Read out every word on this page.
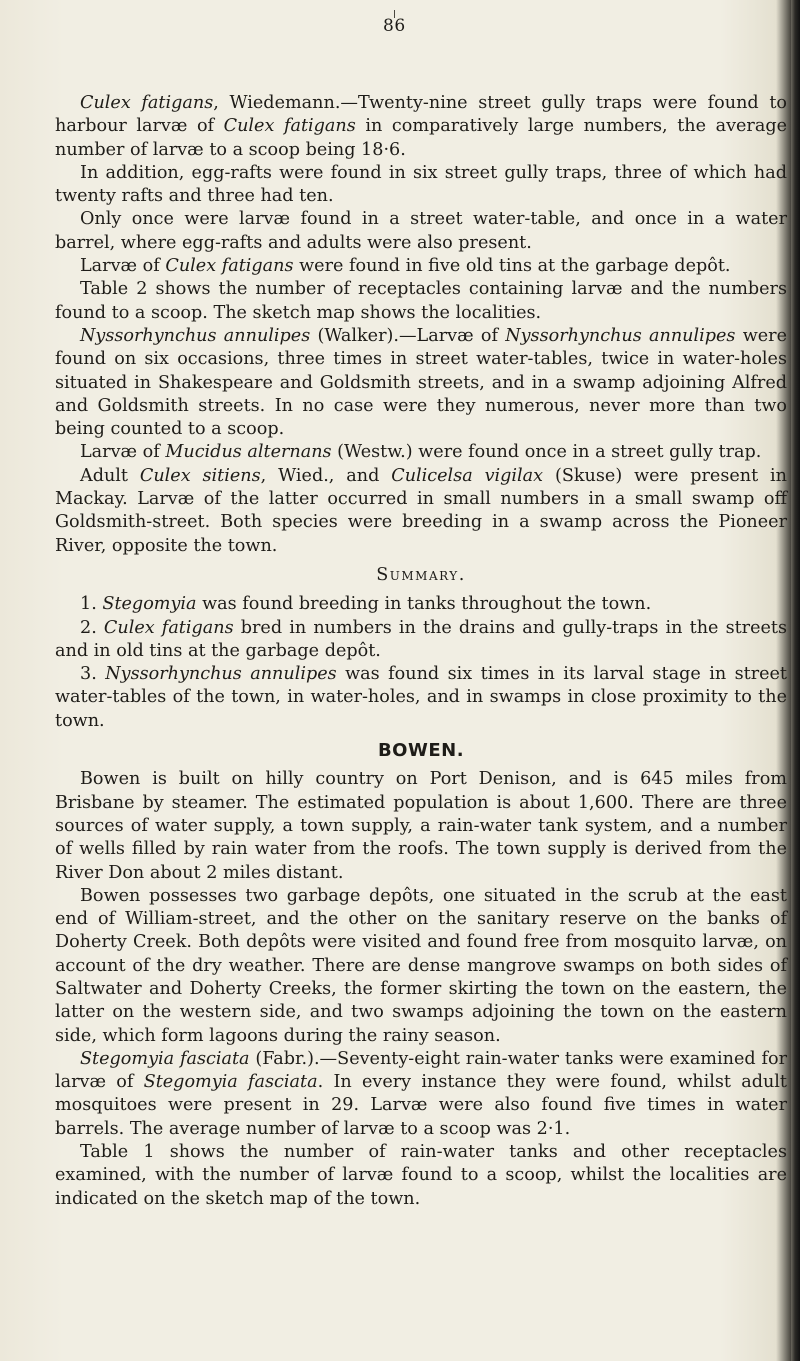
86

Culex fatigans, Wiedemann.—Twenty-nine street gully traps were found to harbour larvæ of Culex fatigans in comparatively large numbers, the average number of larvæ to a scoop being 18·6.

In addition, egg-rafts were found in six street gully traps, three of which had twenty rafts and three had ten.

Only once were larvæ found in a street water-table, and once in a water barrel, where egg-rafts and adults were also present.

Larvæ of Culex fatigans were found in five old tins at the garbage depôt.

Table 2 shows the number of receptacles containing larvæ and the numbers found to a scoop. The sketch map shows the localities.

Nyssorhynchus annulipes (Walker).—Larvæ of Nyssorhynchus annulipes were found on six occasions, three times in street water-tables, twice in water-holes situated in Shakespeare and Goldsmith streets, and in a swamp adjoining Alfred and Goldsmith streets. In no case were they numerous, never more than two being counted to a scoop.

Larvæ of Mucidus alternans (Westw.) were found once in a street gully trap.

Adult Culex sitiens, Wied., and Culicelsa vigilax (Skuse) were present in Mackay. Larvæ of the latter occurred in small numbers in a small swamp off Goldsmith-street. Both species were breeding in a swamp across the Pioneer River, opposite the town.

Summary.

1. Stegomyia was found breeding in tanks throughout the town.

2. Culex fatigans bred in numbers in the drains and gully-traps in the streets and in old tins at the garbage depôt.

3. Nyssorhynchus annulipes was found six times in its larval stage in street water-tables of the town, in water-holes, and in swamps in close proximity to the town.

BOWEN.

Bowen is built on hilly country on Port Denison, and is 645 miles from Brisbane by steamer. The estimated population is about 1,600. There are three sources of water supply, a town supply, a rain-water tank system, and a number of wells filled by rain water from the roofs. The town supply is derived from the River Don about 2 miles distant.

Bowen possesses two garbage depôts, one situated in the scrub at the east end of William-street, and the other on the sanitary reserve on the banks of Doherty Creek. Both depôts were visited and found free from mosquito larvæ, on account of the dry weather. There are dense mangrove swamps on both sides of Saltwater and Doherty Creeks, the former skirting the town on the eastern, the latter on the western side, and two swamps adjoining the town on the eastern side, which form lagoons during the rainy season.

Stegomyia fasciata (Fabr.).—Seventy-eight rain-water tanks were examined for larvæ of Stegomyia fasciata. In every instance they were found, whilst adult mosquitoes were present in 29. Larvæ were also found five times in water barrels. The average number of larvæ to a scoop was 2·1.

Table 1 shows the number of rain-water tanks and other receptacles examined, with the number of larvæ found to a scoop, whilst the localities are indicated on the sketch map of the town.
